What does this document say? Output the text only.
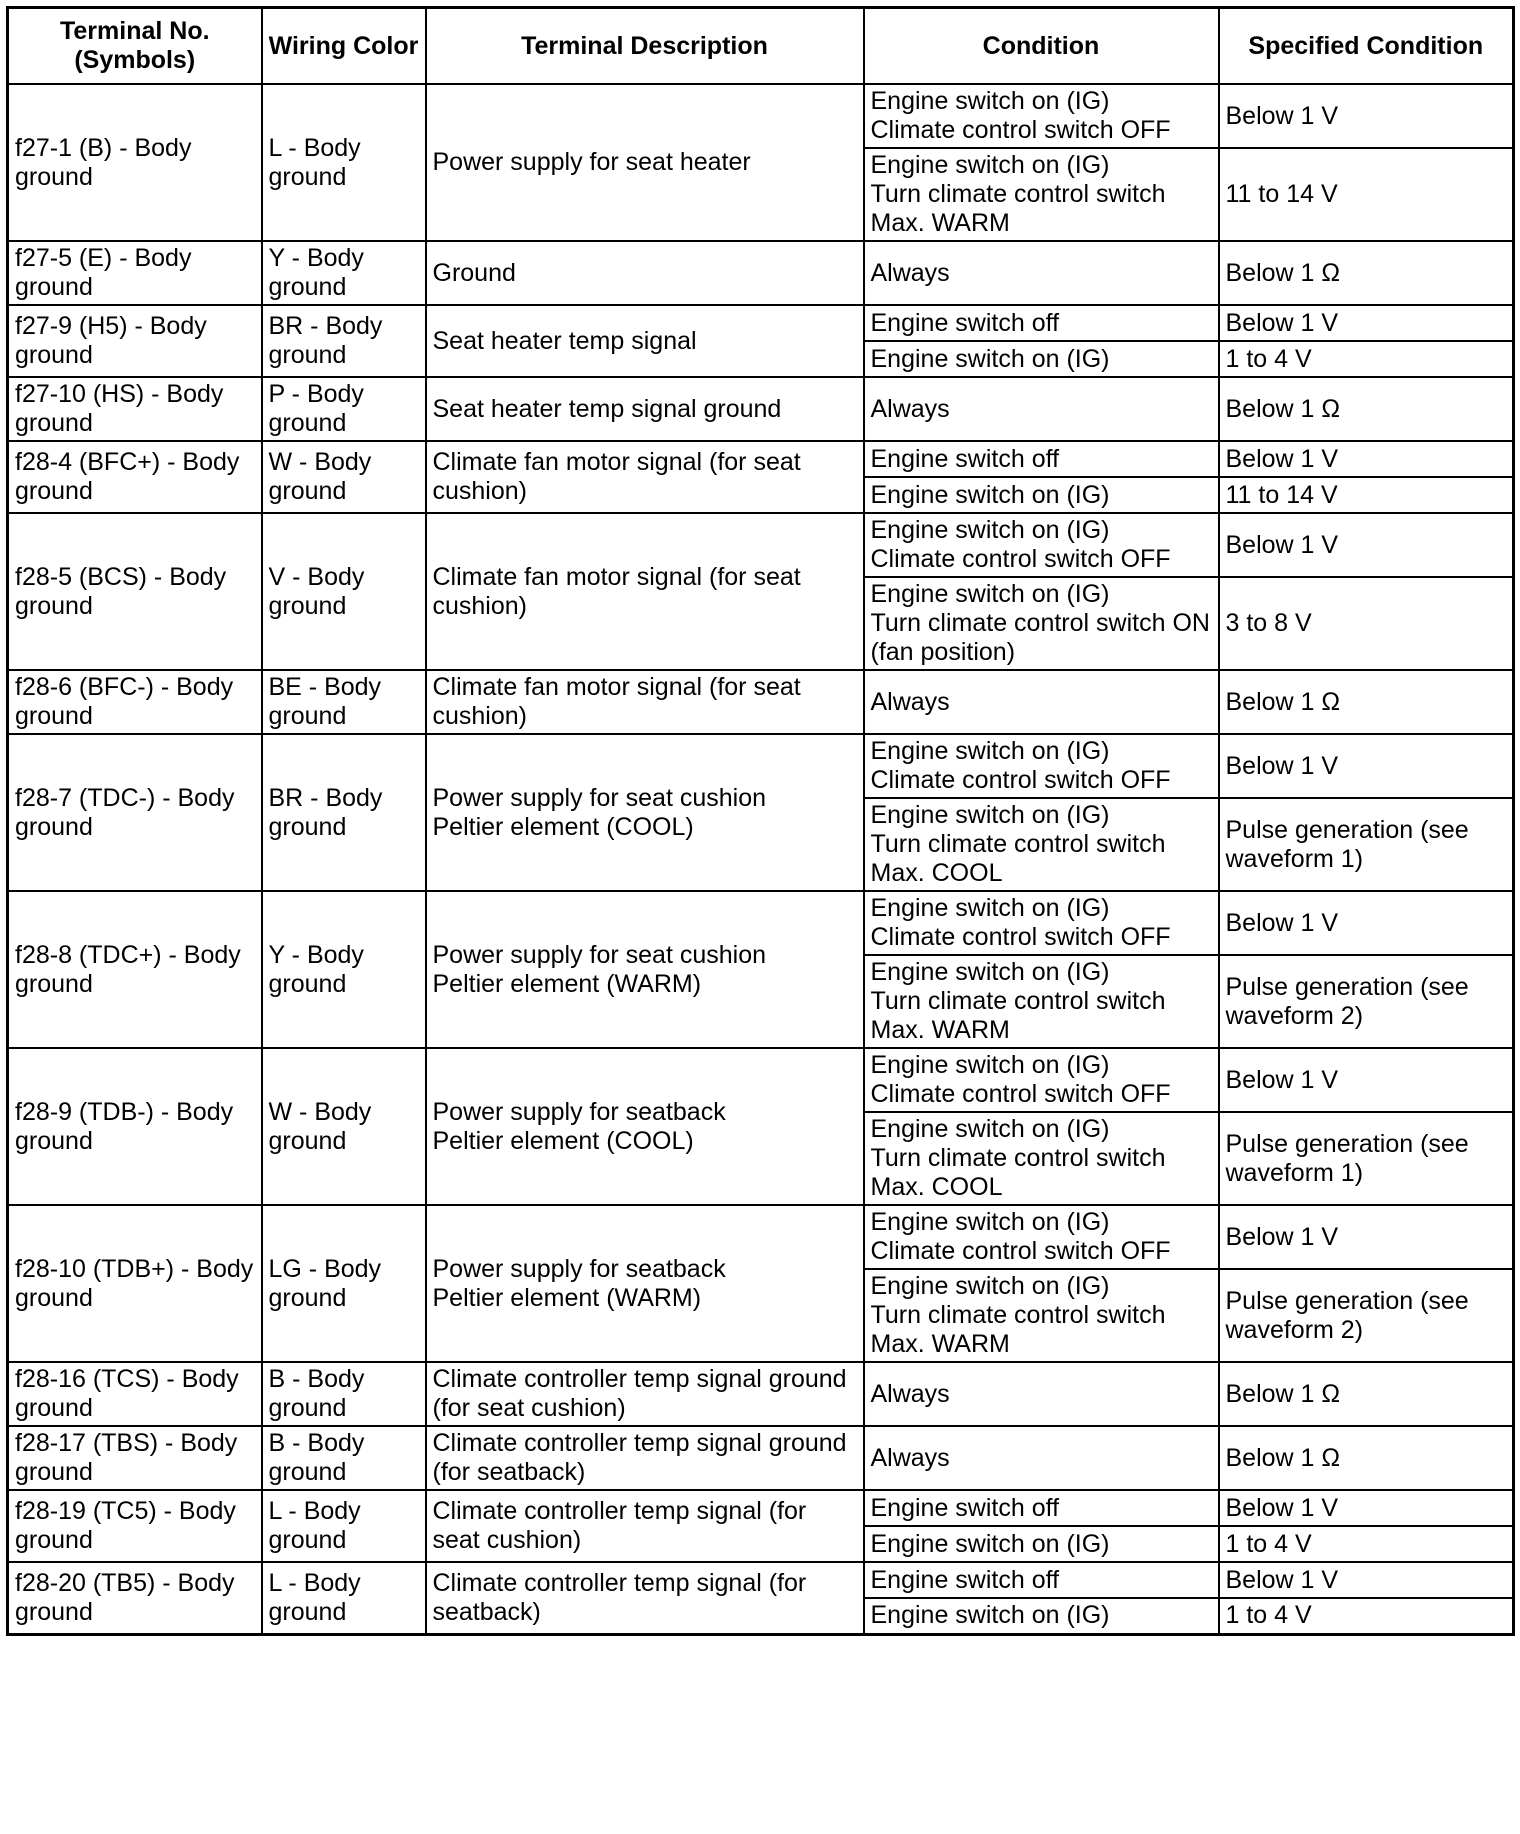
Terminal No.
(Symbols)	Wiring Color	Terminal Description	Condition	Specified Condition
f27-1 (B) - Body
ground	L - Body
ground	Power supply for seat heater	Engine switch on (IG)
Climate control switch OFF	Below 1 V
			Engine switch on (IG)
Turn climate control switch
Max. WARM	11 to 14 V
f27-5 (E) - Body
ground	Y - Body
ground	Ground	Always	Below 1 Ω
f27-9 (H5) - Body
ground	BR - Body
ground	Seat heater temp signal	Engine switch off	Below 1 V
			Engine switch on (IG)	1 to 4 V
f27-10 (HS) - Body
ground	P - Body
ground	Seat heater temp signal ground	Always	Below 1 Ω
f28-4 (BFC+) - Body
ground	W - Body
ground	Climate fan motor signal (for seat
cushion)	Engine switch off	Below 1 V
			Engine switch on (IG)	11 to 14 V
f28-5 (BCS) - Body
ground	V - Body
ground	Climate fan motor signal (for seat
cushion)	Engine switch on (IG)
Climate control switch OFF	Below 1 V
			Engine switch on (IG)
Turn climate control switch ON
(fan position)	3 to 8 V
f28-6 (BFC-) - Body
ground	BE - Body
ground	Climate fan motor signal (for seat
cushion)	Always	Below 1 Ω
f28-7 (TDC-) - Body
ground	BR - Body
ground	Power supply for seat cushion
Peltier element (COOL)	Engine switch on (IG)
Climate control switch OFF	Below 1 V
			Engine switch on (IG)
Turn climate control switch
Max. COOL	Pulse generation (see
waveform 1)
f28-8 (TDC+) - Body
ground	Y - Body
ground	Power supply for seat cushion
Peltier element (WARM)	Engine switch on (IG)
Climate control switch OFF	Below 1 V
			Engine switch on (IG)
Turn climate control switch
Max. WARM	Pulse generation (see
waveform 2)
f28-9 (TDB-) - Body
ground	W - Body
ground	Power supply for seatback
Peltier element (COOL)	Engine switch on (IG)
Climate control switch OFF	Below 1 V
			Engine switch on (IG)
Turn climate control switch
Max. COOL	Pulse generation (see
waveform 1)
f28-10 (TDB+) - Body
ground	LG - Body
ground	Power supply for seatback
Peltier element (WARM)	Engine switch on (IG)
Climate control switch OFF	Below 1 V
			Engine switch on (IG)
Turn climate control switch
Max. WARM	Pulse generation (see
waveform 2)
f28-16 (TCS) - Body
ground	B - Body
ground	Climate controller temp signal ground
(for seat cushion)	Always	Below 1 Ω
f28-17 (TBS) - Body
ground	B - Body
ground	Climate controller temp signal ground
(for seatback)	Always	Below 1 Ω
f28-19 (TC5) - Body
ground	L - Body
ground	Climate controller temp signal (for
seat cushion)	Engine switch off	Below 1 V
			Engine switch on (IG)	1 to 4 V
f28-20 (TB5) - Body
ground	L - Body
ground	Climate controller temp signal (for
seatback)	Engine switch off	Below 1 V
			Engine switch on (IG)	1 to 4 V
